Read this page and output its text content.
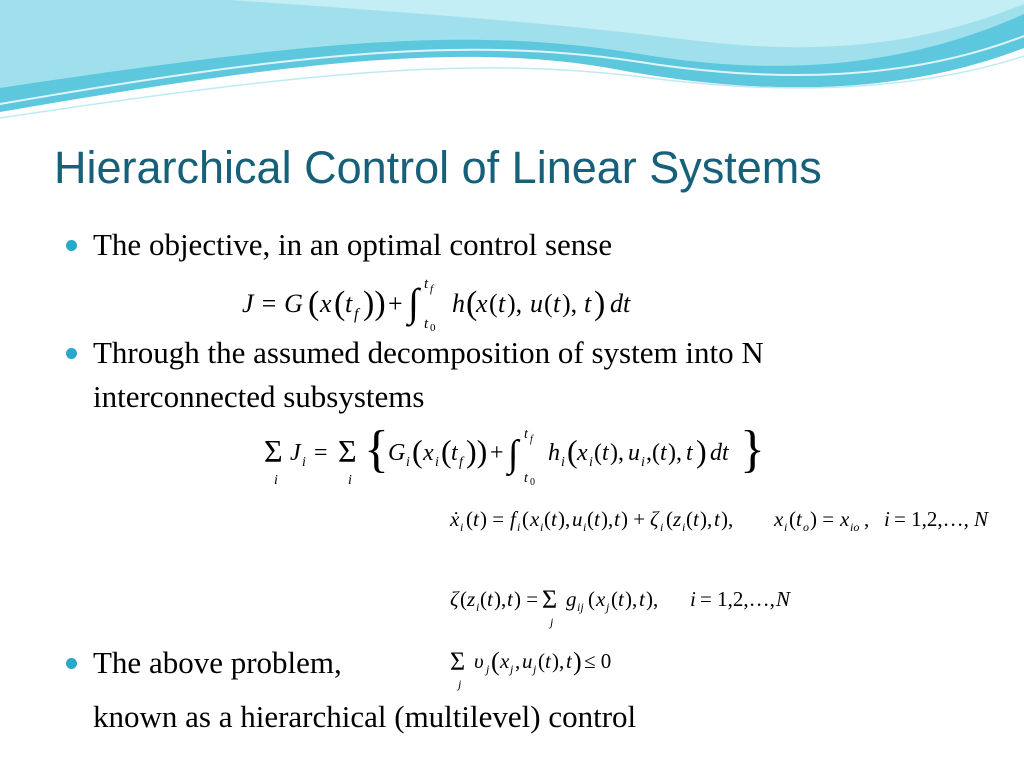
Hierarchical Control of Linear Systems
The objective, in an optimal control sense
J = G ( x ( t f )) + ∫ t f
t 0
h (
x ( t ), u ( t ), t ) dt
Through the assumed decomposition of system into N
interconnected subsystems
Σ
i
J i = Σ
i
{ G i ( x i ( t f )) + ∫ t f
t 0
h i ( x i ( t ), u i ,( t ), t ) dt }
ẋ i ( t ) = f i ( x i ( t ), u i ( t ), t ) + ζ i ( z i ( t ), t ), x i ( t o ) = x io , i = 1,2,…, N
ζ ( z i ( t ), t ) = Σ
j
g ij ( x j ( t ), t ), i = 1,2,…, N
Σ
j
υ j ( x j , u j ( t ), t ) ≤ 0
The above problem,
known as a hierarchical (multilevel) control
